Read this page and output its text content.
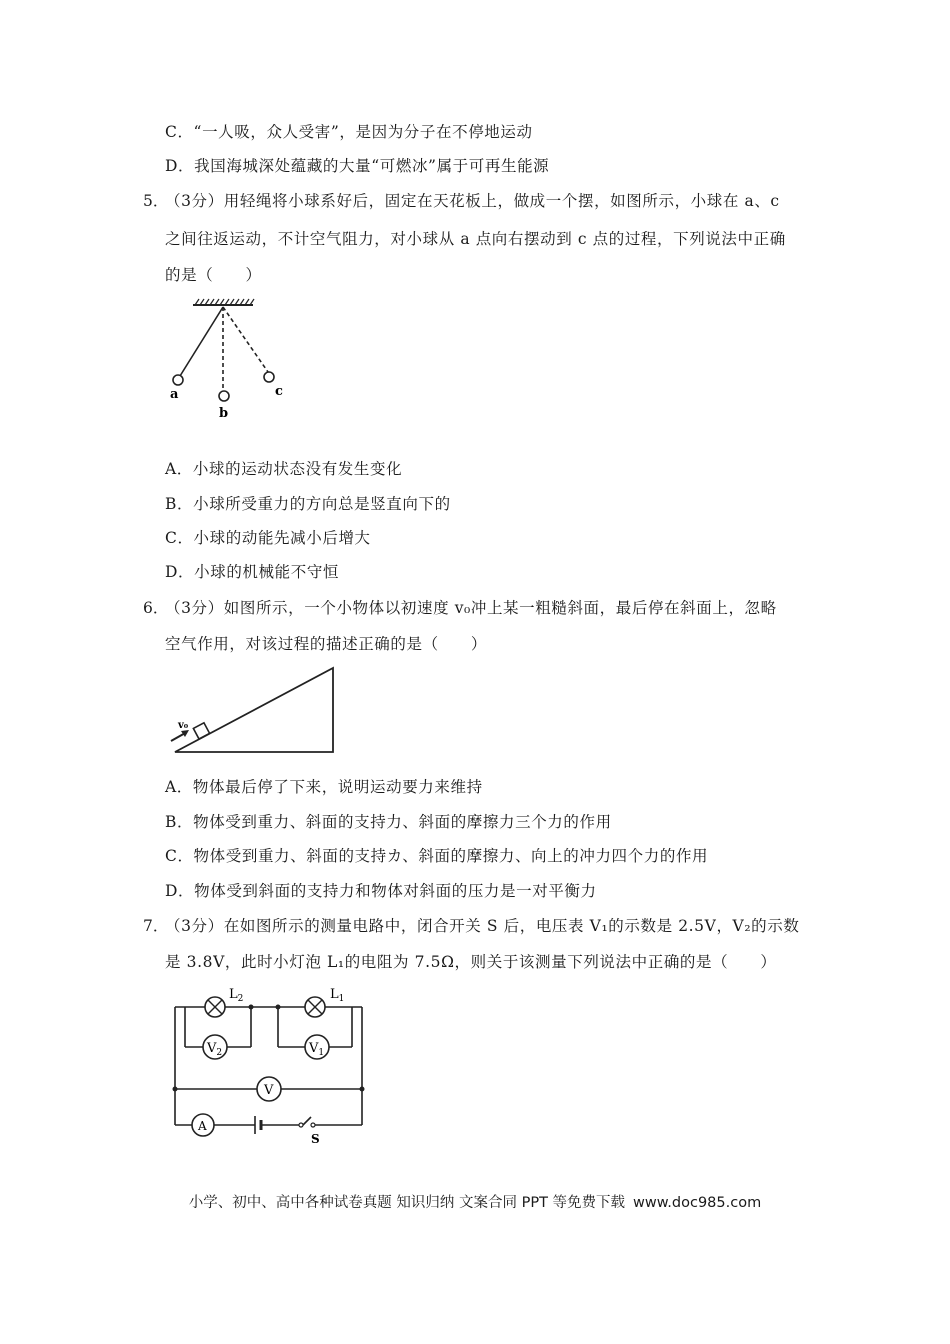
C．“一人吸，众人受害”，是因为分子在不停地运动
D．我国海城深处蕴藏的大量“可燃冰”属于可再生能源
5．
（3分）用轻绳将小球系好后，固定在天花板上，做成一个摆，如图所示，小球在 a、c
之间往返运动，不计空气阻力，对小球从 a 点向右摆动到 c 点的过程，下列说法中正确
的是（　　）
a
b
c
A．小球的运动状态没有发生变化
B．小球所受重力的方向总是竖直向下的
C．小球的动能先减小后增大
D．小球的机械能不守恒
6．
（3分）如图所示，一个小物体以初速度 v₀冲上某一粗糙斜面，最后停在斜面上，忽略
空气作用，对该过程的描述正确的是（　　）
v₀
A．物体最后停了下来，说明运动要力来维持
B．物体受到重力、斜面的支持力、斜面的摩擦力三个力的作用
C．物体受到重力、斜面的支持カ、斜面的摩擦力、向上的冲力四个力的作用
D．物体受到斜面的支持力和物体对斜面的压力是一对平衡力
7．
（3分）在如图所示的测量电路中，闭合开关 S 后，电压表 V₁的示数是 2.5V，V₂的示数
是 3.8V，此时小灯泡 L₁的电阻为 7.5Ω，则关于该测量下列说法中正确的是（　　）
$L_2$	$L_1$
$V_2$	$V_1$
V
A
S
小学、初中、高中各种试卷真题 知识归纳 文案合同 PPT 等免费下载 www.doc985.com
